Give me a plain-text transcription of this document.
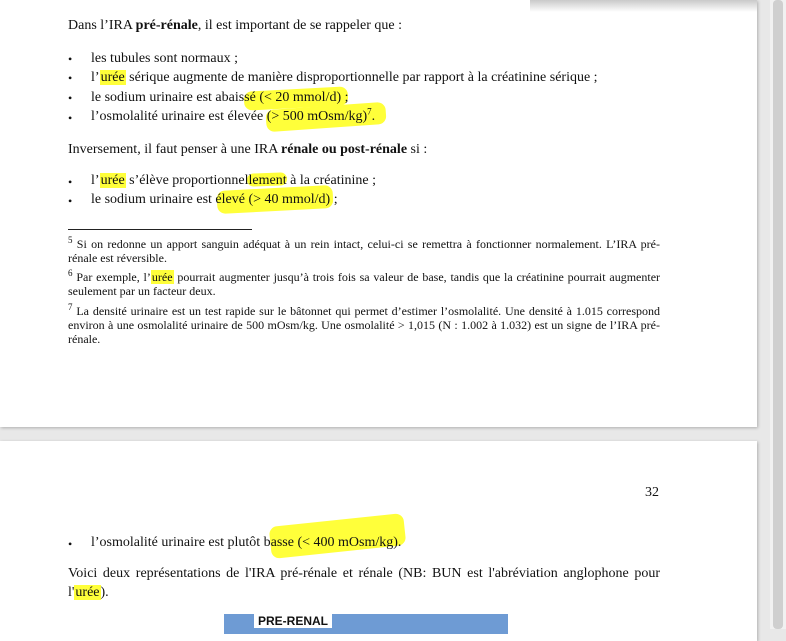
Dans l’IRA pré-rénale, il est important de se rappeler que :
• les tubules sont normaux ;
• l’urée sérique augmente de manière disproportionnelle par rapport à la créatinine sérique ;
• le sodium urinaire est abaissé (< 20 mmol/d) ;
• l’osmolalité urinaire est élevée (> 500 mOsm/kg)$^7$.
Inversement, il faut penser à une IRA rénale ou post-rénale si :
• l’urée s’élève proportionnellement à la créatinine ;
• le sodium urinaire est élevé (> 40 mmol/d) ;
$^5$ Si on redonne un apport sanguin adéquat à un rein intact, celui-ci se remettra à fonctionner normalement. L’IRA pré-rénale est réversible.
$^6$ Par exemple, l’urée pourrait augmenter jusqu’à trois fois sa valeur de base, tandis que la créatinine pourrait augmenter seulement par un facteur deux.
$^7$ La densité urinaire est un test rapide sur le bâtonnet qui permet d’estimer l’osmolalité. Une densité à 1.015 correspond environ à une osmolalité urinaire de 500 mOsm/kg. Une osmolalité > 1,015 (N : 1.002 à 1.032) est un signe de l’IRA pré-rénale.
32
• l’osmolalité urinaire est plutôt basse (< 400 mOsm/kg).
Voici deux représentations de l'IRA pré-rénale et rénale (NB: BUN est l'abréviation anglophone pour l'urée).
PRE-RENAL
